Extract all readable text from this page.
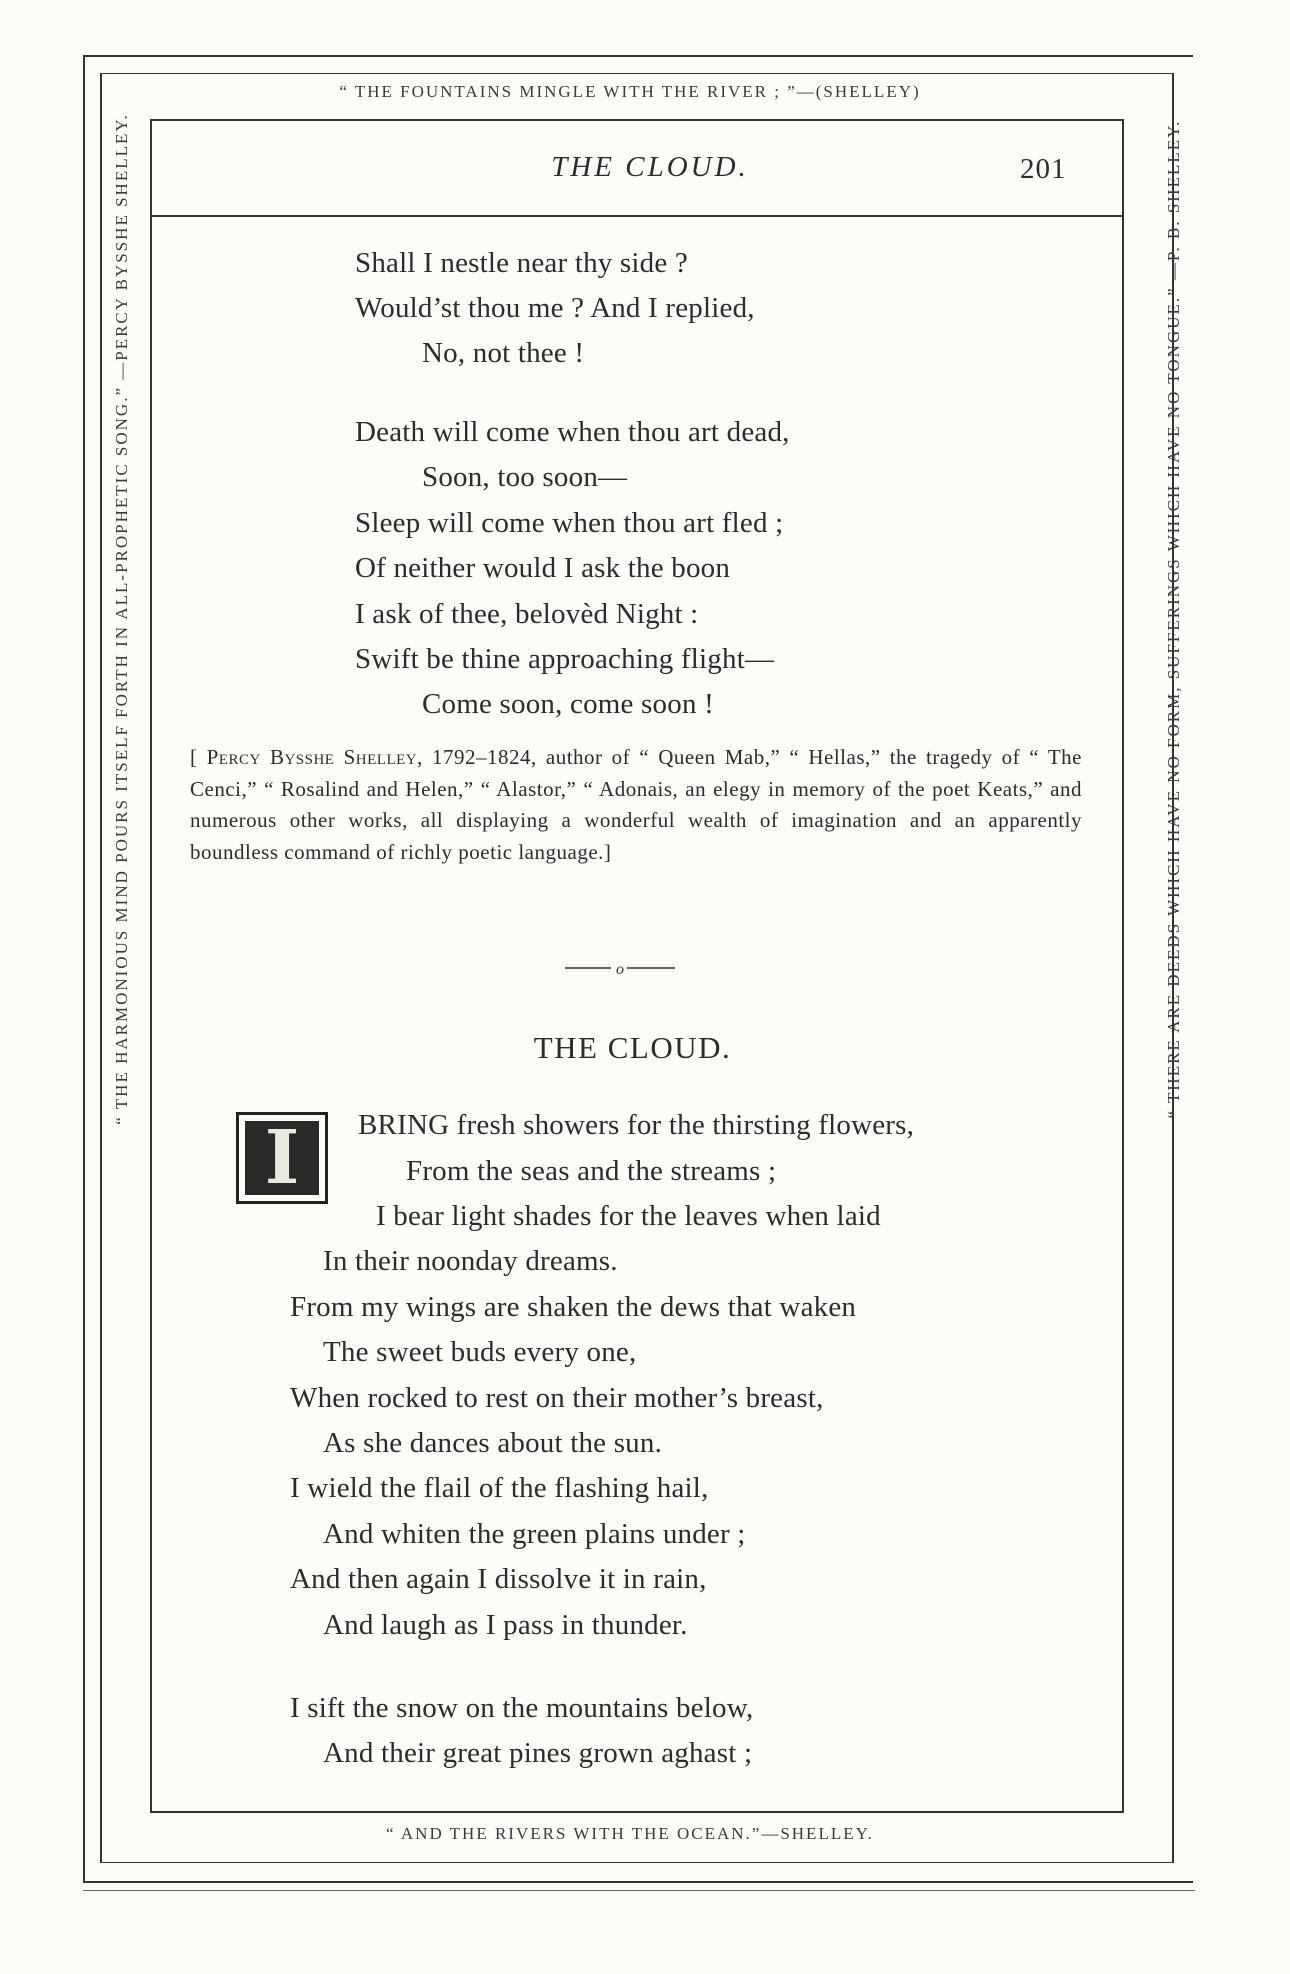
“ THE FOUNTAINS MINGLE WITH THE RIVER ; ”—(SHELLEY)
“ AND THE RIVERS WITH THE OCEAN.”—SHELLEY.
“ THE HARMONIOUS MIND POURS ITSELF FORTH IN ALL-PROPHETIC SONG.” —PERCY BYSSHE SHELLEY.	“ THERE ARE DEEDS WHICH HAVE NO FORM, SUFFERINGS WHICH HAVE NO TONGUE.” —P. B. SHELLEY.
THE CLOUD.	201
Shall I nestle near thy side ?
Would’st thou me ? And I replied,
No, not thee !
Death will come when thou art dead,
Soon, too soon—
Sleep will come when thou art fled ;
Of neither would I ask the boon
I ask of thee, belovèd Night :
Swift be thine approaching flight—
Come soon, come soon !
[ Percy Bysshe Shelley, 1792–1824, author of “ Queen Mab,” “ Hellas,” the tragedy of “ The Cenci,” “ Rosalind and Helen,” “ Alastor,” “ Adonais, an elegy in memory of the poet Keats,” and numerous other works, all displaying a wonderful wealth of imagination and an apparently boundless command of richly poetic language.]
o
THE CLOUD.
I BRING fresh showers for the thirsting flowers,
From the seas and the streams ;
I bear light shades for the leaves when laid
In their noonday dreams.
From my wings are shaken the dews that waken
The sweet buds every one,
When rocked to rest on their mother’s breast,
As she dances about the sun.
I wield the flail of the flashing hail,
And whiten the green plains under ;
And then again I dissolve it in rain,
And laugh as I pass in thunder.
I sift the snow on the mountains below,
And their great pines grown aghast ;
